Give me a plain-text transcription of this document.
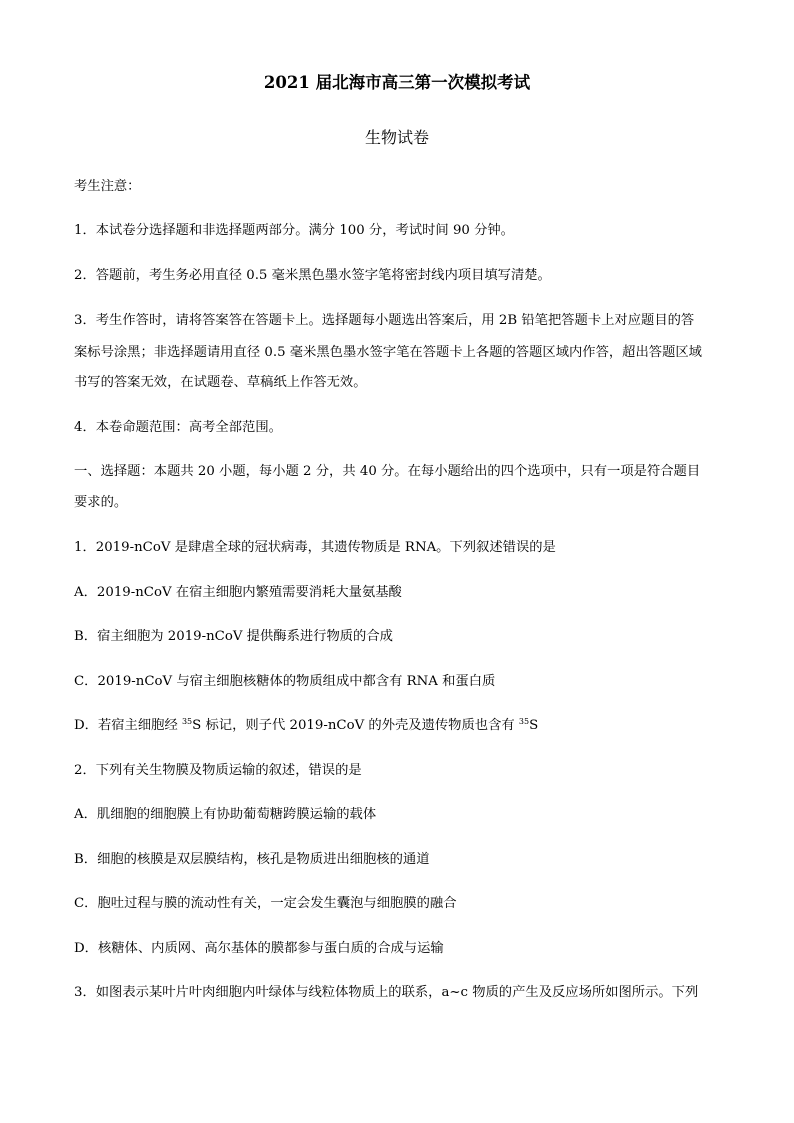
2021 届北海市高三第一次模拟考试
生物试卷
考生注意：
1．本试卷分选择题和非选择题两部分。满分 100 分，考试时间 90 分钟。
2．答题前，考生务必用直径 0.5 毫米黑色墨水签字笔将密封线内项目填写清楚。
3．考生作答时，请将答案答在答题卡上。选择题每小题选出答案后，用 2B 铅笔把答题卡上对应题目的答
案标号涂黑；非选择题请用直径 0.5 毫米黑色墨水签字笔在答题卡上各题的答题区域内作答，超出答题区域
书写的答案无效，在试题卷、草稿纸上作答无效。
4．本卷命题范围：高考全部范围。
一、选择题：本题共 20 小题，每小题 2 分，共 40 分。在每小题给出的四个选项中，只有一项是符合题目
要求的。
1．2019-nCoV 是肆虐全球的冠状病毒，其遗传物质是 RNA。下列叙述错误的是
A．2019-nCoV 在宿主细胞内繁殖需要消耗大量氨基酸
B．宿主细胞为 2019-nCoV 提供酶系进行物质的合成
C．2019-nCoV 与宿主细胞核糖体的物质组成中都含有 RNA 和蛋白质
D．若宿主细胞经 $^{35}$S 标记，则子代 2019-nCoV 的外壳及遗传物质也含有 $^{35}$S
2．下列有关生物膜及物质运输的叙述，错误的是
A．肌细胞的细胞膜上有协助葡萄糖跨膜运输的载体
B．细胞的核膜是双层膜结构，核孔是物质进出细胞核的通道
C．胞吐过程与膜的流动性有关，一定会发生囊泡与细胞膜的融合
D．核糖体、内质网、高尔基体的膜都参与蛋白质的合成与运输
3．如图表示某叶片叶肉细胞内叶绿体与线粒体物质上的联系，a~c 物质的产生及反应场所如图所示。下列
